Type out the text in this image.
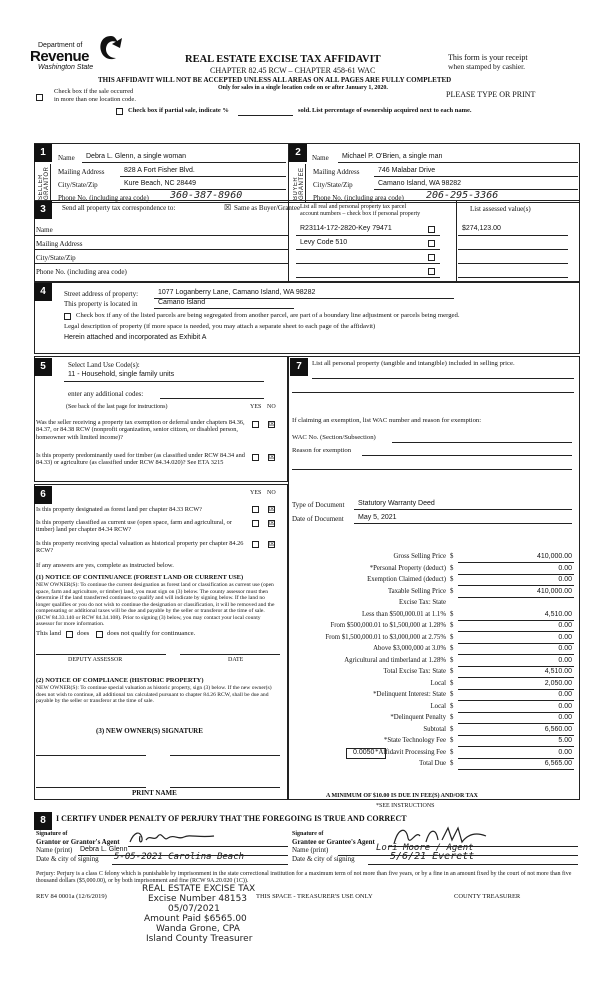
Department of
Revenue
Washington State
REAL ESTATE EXCISE TAX AFFIDAVIT
CHAPTER 82.45 RCW – CHAPTER 458-61 WAC
This form is your receipt
when stamped by cashier.
THIS AFFIDAVIT WILL NOT BE ACCEPTED UNLESS ALL AREAS ON ALL PAGES ARE FULLY COMPLETED
Only for sales in a single location code on or after January 1, 2020.
Check box if the sale occurred
in more than one location code.
PLEASE TYPE OR PRINT
Check box if partial sale, indicate %	sold. List percentage of ownership acquired next to each name.
1	Name Debra L. Glenn, a single woman
SELLER GRANTOR Mailing Address	828 A Fort Fisher Blvd.
City/State/Zip	Kure Beach, NC 28449
Phone No. (including area code) 360-387-8960
2	Name Michael P. O'Brien, a single man
BUYER GRANTEE Mailing Address	746 Malabar Drive
City/State/Zip	Camano Island, WA 98282
Phone No. (including area code) 206-295-3366
3	Send all property tax correspondence to:	☒ Same as Buyer/Grantee List all real and personal property tax parcel
account numbers – check box if personal property
List assessed value(s)
Name
Mailing Address
City/State/Zip
Phone No. (including area code)
R23114-172-2820-Key 79471	$274,123.00
Levy Code 510
4	Street address of property:	1077 Loganberry Lane, Camano Island, WA 98282
This property is located in	Camano Island
Check box if any of the listed parcels are being segregated from another parcel, are part of a boundary line adjustment or parcels being merged.
Legal description of property (if more space is needed, you may attach a separate sheet to each page of the affidavit)
Herein attached and incorporated as Exhibit A
5	Select Land Use Code(s):
11 - Household, single family units
enter any additional codes:
(See back of the last page for instructions)	YES NO
Was the seller receiving a property tax exemption or deferral under chapters 84.36, 84.37, or 84.38 RCW (nonprofit organization, senior citizen, or disabled person, homeowner with limited income)?
☒
Is this property predominantly used for timber (as classified under RCW 84.34 and 84.33) or agriculture (as classified under RCW 84.34.020)? See ETA 3215
☒
6	YES NO
Is this property designated as forest land per chapter 84.33 RCW?	☒
Is this property classified as current use (open space, farm and agricultural, or timber) land per chapter 84.34 RCW?
☒
Is this property receiving special valuation as historical property per chapter 84.26 RCW?
☒
If any answers are yes, complete as instructed below.
(1) NOTICE OF CONTINUANCE (FOREST LAND OR CURRENT USE)
NEW OWNER(S): To continue the current designation as forest land or classification as current use (open space, farm and agriculture, or timber) land, you must sign on (3) below. The county assessor must then determine if the land transferred continues to qualify and will indicate by signing below. If the land no longer qualifies or you do not wish to continue the designation or classification, it will be removed and the compensating or additional taxes will be due and payable by the seller or transferor at the time of sale. (RCW 84.33.140 or RCW 84.34.108). Prior to signing (3) below, you may contact your local county assessor for more information.
This land does	does not qualify for continuance.
DEPUTY ASSESSOR	DATE
(2) NOTICE OF COMPLIANCE (HISTORIC PROPERTY)
NEW OWNER(S): To continue special valuation as historic property, sign (3) below. If the new owner(s) does not wish to continue, all additional tax calculated pursuant to chapter 84.26 RCW, shall be due and payable by the seller or transferor at the time of sale.
(3) NEW OWNER(S) SIGNATURE
PRINT NAME
7	List all personal property (tangible and intangible) included in selling price.
If claiming an exemption, list WAC number and reason for exemption:
WAC No. (Section/Subsection)
Reason for exemption
Type of Document Statutory Warranty Deed
Date of Document May 5, 2021
Gross Selling Price $	410,000.00
*Personal Property (deduct) $	0.00
Exemption Claimed (deduct) $	0.00
Taxable Selling Price $	410,000.00
Excise Tax: State
Less than $500,000.01 at 1.1% $	4,510.00
From $500,000.01 to $1,500,000 at 1.28% $	0.00
From $1,500,000.01 to $3,000,000 at 2.75% $	0.00
Above $3,000,000 at 3.0% $	0.00
Agricultural and timberland at 1.28% $	0.00
Total Excise Tax: State $	4,510.00
Local $	2,050.00
*Delinquent Interest: State $	0.00
Local $	0.00
*Delinquent Penalty $	0.00
Subtotal $	6,560.00
*State Technology Fee $	5.00
*Affidavit Processing Fee $	0.00
Total Due $	6,565.00
0.0050
A MINIMUM OF $10.00 IS DUE IN FEE(S) AND/OR TAX
*SEE INSTRUCTIONS
8	I CERTIFY UNDER PENALTY OF PERJURY THAT THE FOREGOING IS TRUE AND CORRECT
Signature of
Grantor or Grantor's Agent
Name (print) Debra L. Glenn
Date & city of signing 5-05-2021 Carolina Beach
Signature of
Grantee or Grantee's Agent
Name (print)	Lori Moore / Agent
Date & city of signing	5/6/21 Everett
Perjury: Perjury is a class C felony which is punishable by imprisonment in the state correctional institution for a maximum term of not more than five years, or by a fine in an amount fixed by the court of not more than five thousand dollars ($5,000.00), or by both imprisonment and fine (RCW 9A.20.020 (1C)).
REV 84 0001a (12/6/2019)	THIS SPACE - TREASURER'S USE ONLY	COUNTY TREASURER
REAL ESTATE EXCISE TAX
Excise Number 48153
05/07/2021
Amount Paid $6565.00
Wanda Grone, CPA
Island County Treasurer
